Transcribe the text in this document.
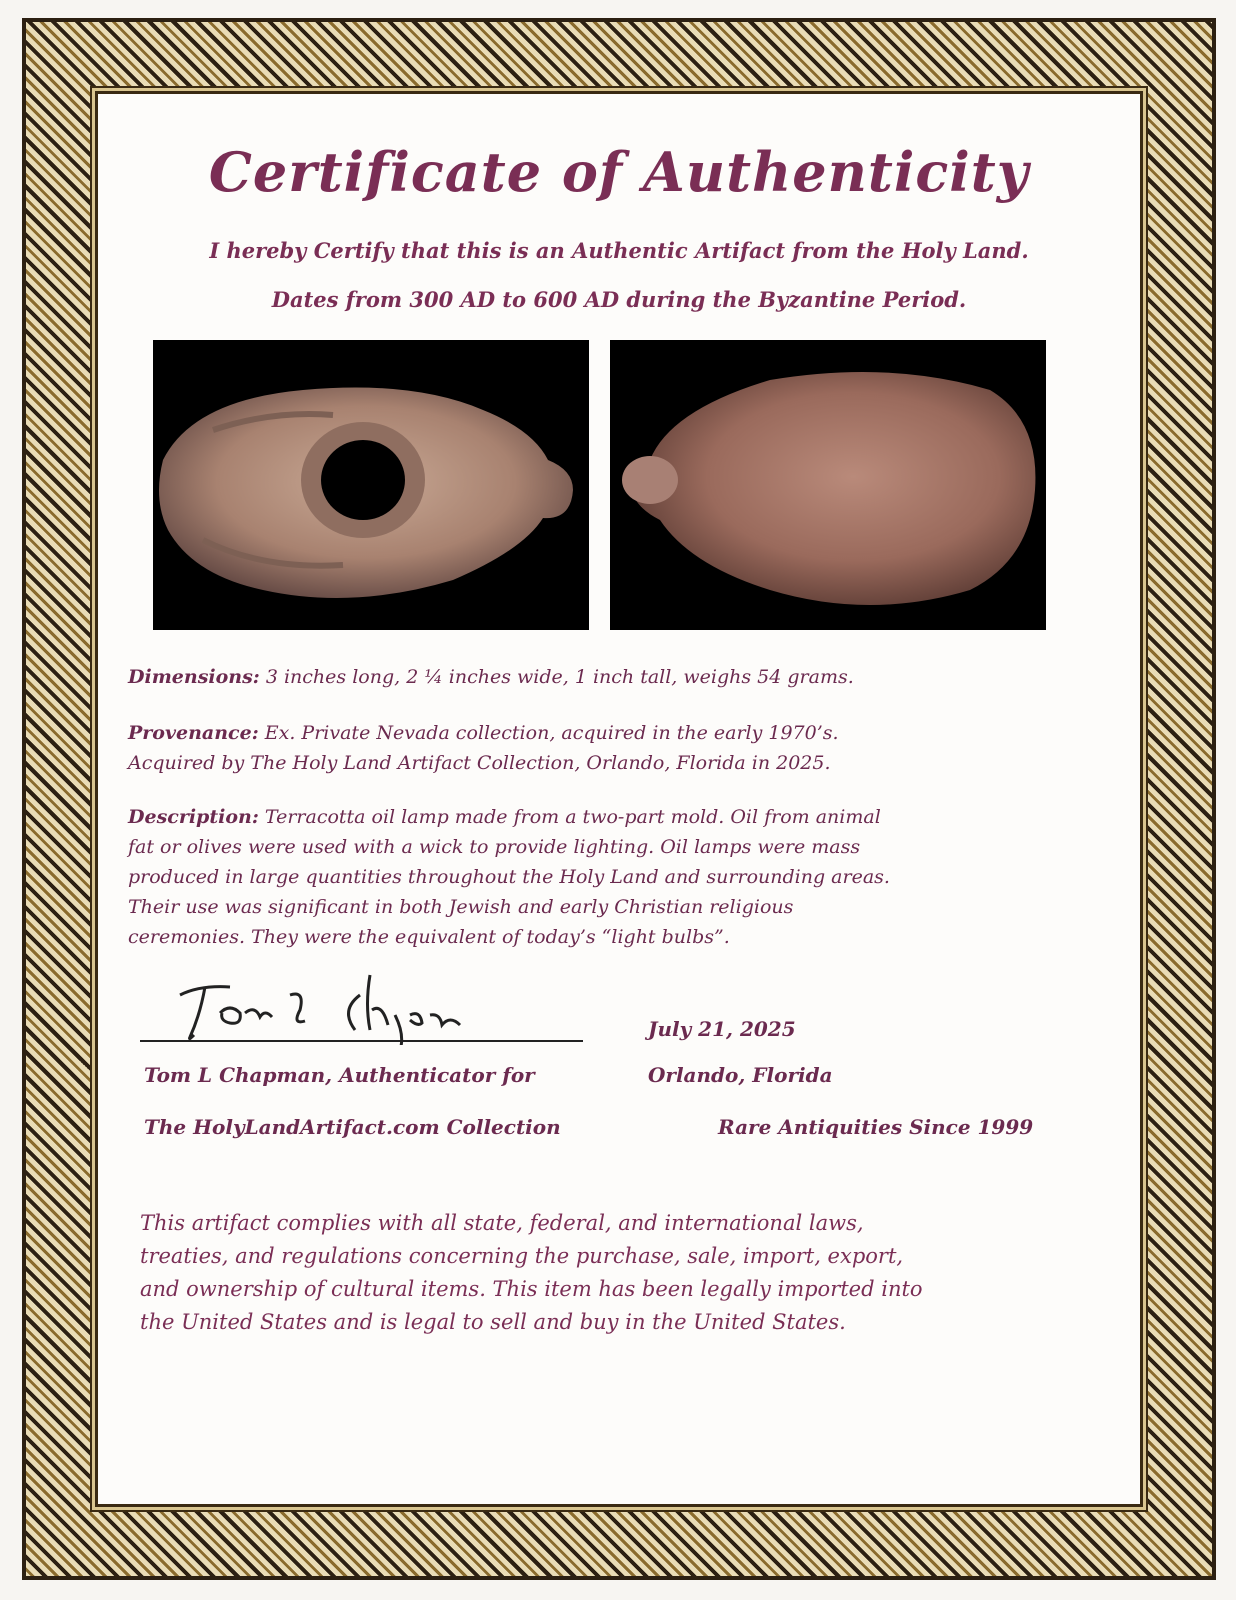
Certificate of Authenticity
I hereby Certify that this is an Authentic Artifact from the Holy Land.
Dates from 300 AD to 600 AD during the Byzantine Period.
Dimensions: 3 inches long, 2 ¼ inches wide, 1 inch tall, weighs 54 grams.
Provenance: Ex. Private Nevada collection, acquired in the early 1970’s.
Acquired by The Holy Land Artifact Collection, Orlando, Florida in 2025.
Description: Terracotta oil lamp made from a two-part mold. Oil from animal
fat or olives were used with a wick to provide lighting. Oil lamps were mass
produced in large quantities throughout the Holy Land and surrounding areas.
Their use was significant in both Jewish and early Christian religious
ceremonies. They were the equivalent of today’s “light bulbs”.
Tom L Chapman, Authenticator for
The HolyLandArtifact.com Collection
July 21, 2025
Orlando, Florida
Rare Antiquities Since 1999
This artifact complies with all state, federal, and international laws,
treaties, and regulations concerning the purchase, sale, import, export,
and ownership of cultural items. This item has been legally imported into
the United States and is legal to sell and buy in the United States.
